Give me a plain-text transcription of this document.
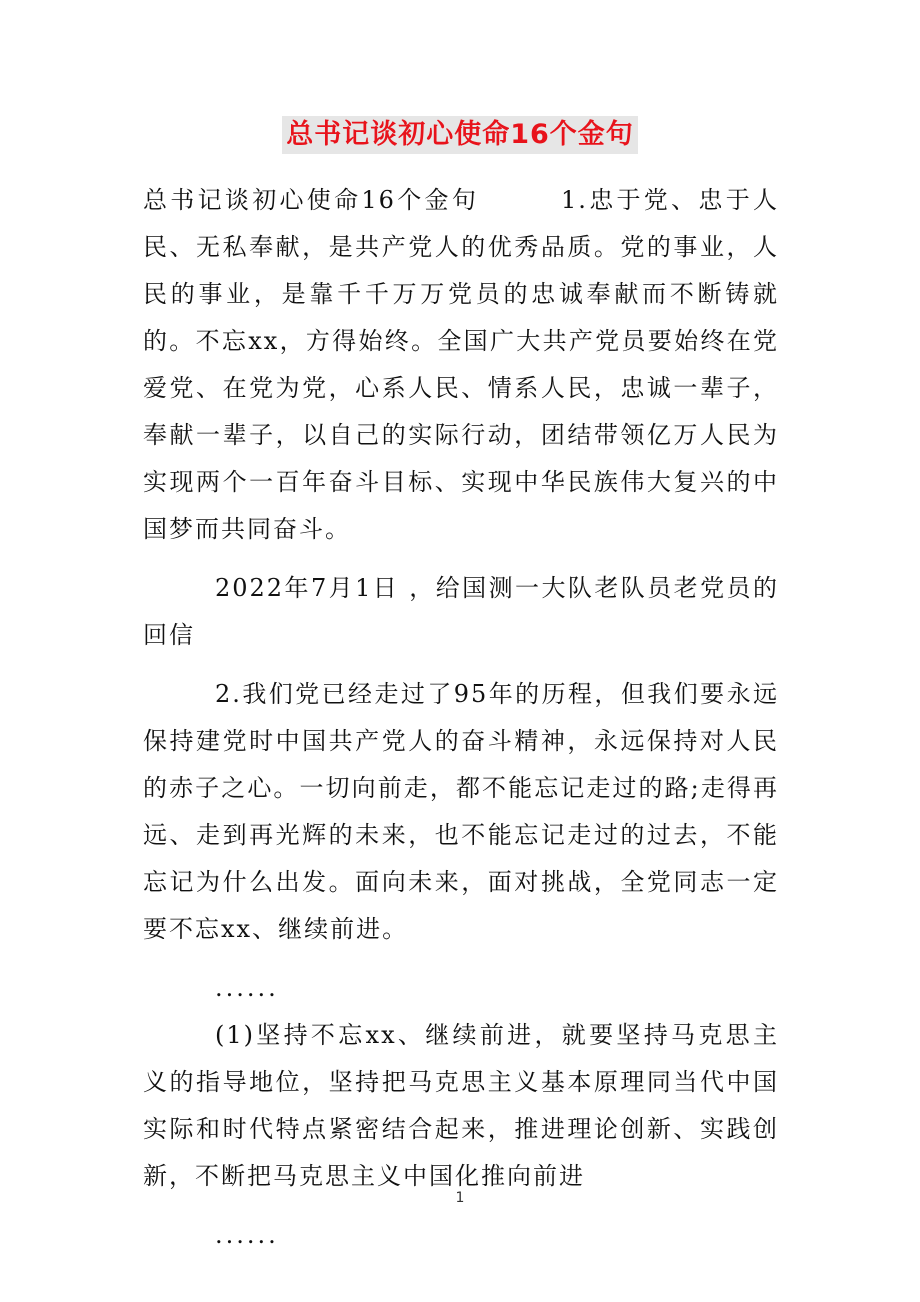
总书记谈初心使命16个金句

总书记谈初心使命16个金句　　　1.忠于党、忠于人民、无私奉献，是共产党人的优秀品质。党的事业，人民的事业，是靠千千万万党员的忠诚奉献而不断铸就的。不忘xx，方得始终。全国广大共产党员要始终在党爱党、在党为党，心系人民、情系人民，忠诚一辈子，奉献一辈子，以自己的实际行动，团结带领亿万人民为实现两个一百年奋斗目标、实现中华民族伟大复兴的中国梦而共同奋斗。

2022年7月1日 ，给国测一大队老队员老党员的回信

2.我们党已经走过了95年的历程，但我们要永远保持建党时中国共产党人的奋斗精神，永远保持对人民的赤子之心。一切向前走，都不能忘记走过的路;走得再远、走到再光辉的未来，也不能忘记走过的过去，不能忘记为什么出发。面向未来，面对挑战，全党同志一定要不忘xx、继续前进。

......

(1)坚持不忘xx、继续前进，就要坚持马克思主义的指导地位，坚持把马克思主义基本原理同当代中国实际和时代特点紧密结合起来，推进理论创新、实践创新，不断把马克思主义中国化推向前进

......

1
